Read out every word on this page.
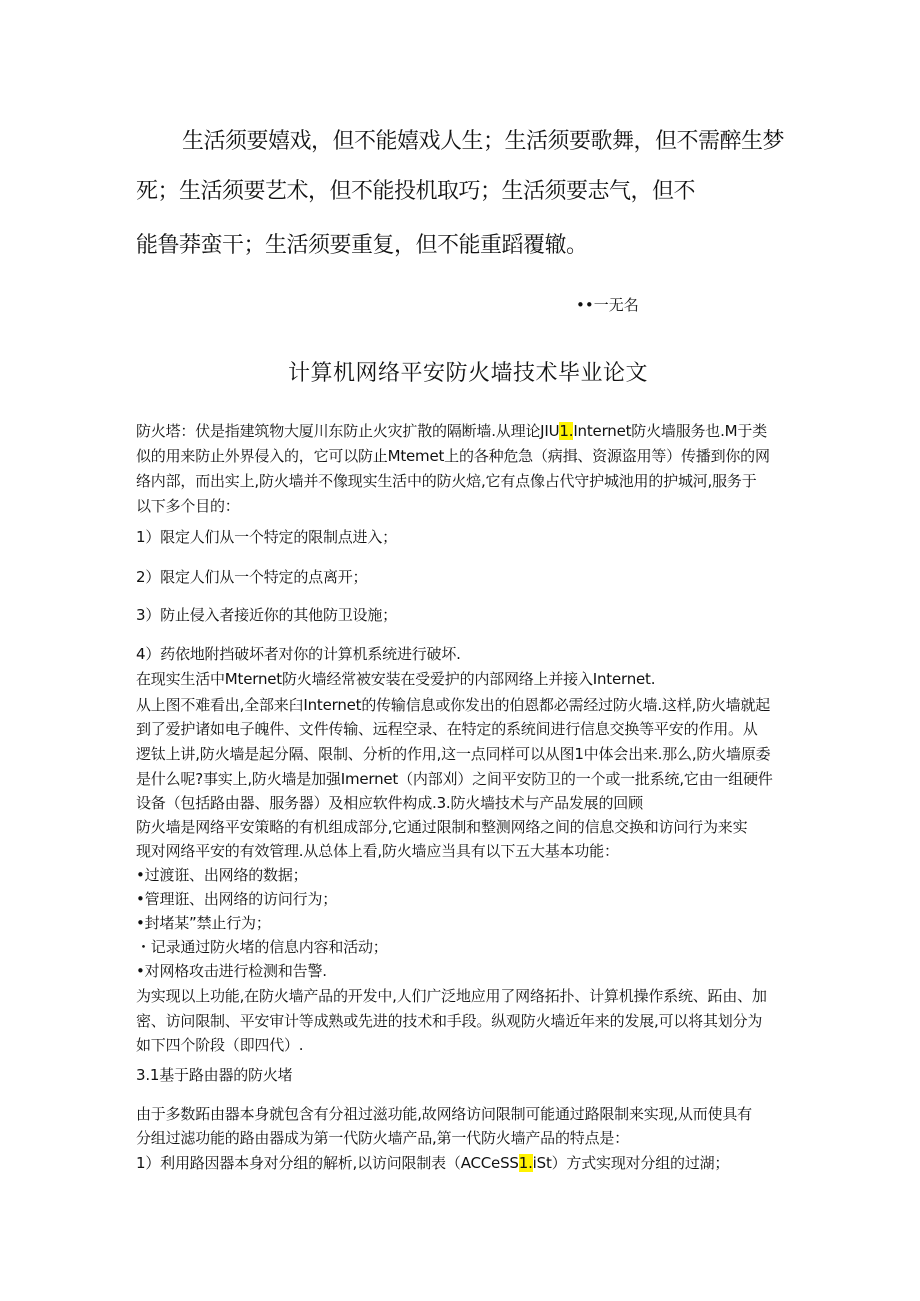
生活须要嬉戏，但不能嬉戏人生；生活须要歌舞，但不需醉生梦
死；生活须要艺术，但不能投机取巧；生活须要志气，但不
能鲁莽蛮干；生活须要重复，但不能重蹈覆辙。
••一无名
计算机网络平安防火墙技术毕业论文
防火塔：伏是指建筑物大厦川东防止火灾扩散的隔断墙.从理论JIU1.Internet防火墙服务也.M于类
似的用来防止外界侵入的，它可以防止Mtemet上的各种危急（病揖、资源盗用等）传播到你的网
络内部，而出实上,防火墙并不像现实生活中的防火焙,它有点像占代守护城池用的护城河,服务于
以下多个目的：
1）限定人们从一个特定的限制点进入；
2）限定人们从一个特定的点离开；
3）防止侵入者接近你的其他防卫设施；
4）药依地附挡破坏者对你的计算机系统进行破坏.
在现实生活中Mternet防火墙经常被安装在受爱护的内部网络上并接入Internet.
从上图不难看出,全部来臼Internet的传输信息或你发出的伯恩都必需经过防火墙.这样,防火墙就起
到了爱护诸如电子魄件、文件传输、远程空录、在特定的系统间进行信息交换等平安的作用。从
逻钛上讲,防火墙是起分隔、限制、分析的作用,这一点同样可以从图1中体会出来.那么,防火墙原委
是什么呢?事实上,防火墙是加强Imernet（内部刈）之间平安防卫的一个或一批系统,它由一组硬件
设备（包括路由器、服务器）及相应软件构成.3.防火墙技术与产品发展的回顾
防火墙是网络平安策略的有机组成部分,它通过限制和整测网络之间的信息交换和访问行为来实
现对网络平安的有效管理.从总体上看,防火墙应当具有以下五大基本功能：
•过渡诳、出网络的数据；
•管理诳、出网络的访问行为；
•封堵某”禁止行为；
・记录通过防火堵的信息内容和活动；
•对网格攻击进行检测和告警.
为实现以上功能,在防火墙产品的开发中,人们广泛地应用了网络拓扑、计算机操作系统、跖由、加
密、访问限制、平安审计等成熟或先进的技术和手段。纵观防火墙近年来的发展,可以将其划分为
如下四个阶段（即四代）.
3.1基于路由器的防火堵
由于多数跖由器本身就包含有分祖过滋功能,故网络访问限制可能通过路限制来实现,从而使具有
分组过滤功能的路由器成为第一代防火墙产品,第一代防火墙产品的特点是：
1）利用路因器本身对分组的解析,以访问限制表（ACCeSS1.iSt）方式实现对分组的过湖；
